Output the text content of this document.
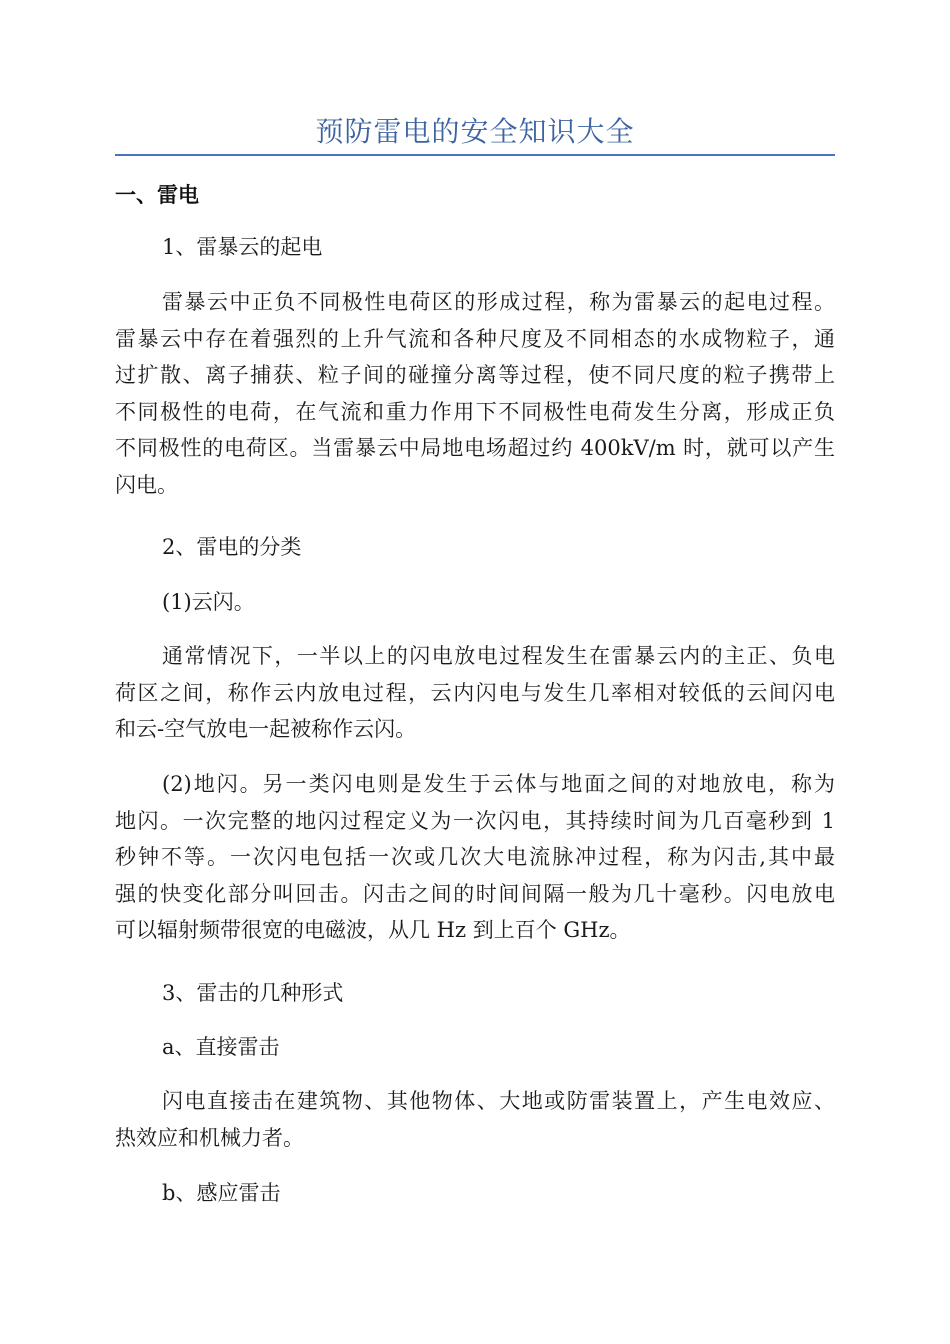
预防雷电的安全知识大全
一、雷电
1、雷暴云的起电
雷暴云中正负不同极性电荷区的形成过程，称为雷暴云的起电过程。
雷暴云中存在着强烈的上升气流和各种尺度及不同相态的水成物粒子，通
过扩散、离子捕获、粒子间的碰撞分离等过程，使不同尺度的粒子携带上
不同极性的电荷，在气流和重力作用下不同极性电荷发生分离，形成正负
不同极性的电荷区。当雷暴云中局地电场超过约 400kV/m 时，就可以产生
闪电。
2、雷电的分类
(1)云闪。
通常情况下，一半以上的闪电放电过程发生在雷暴云内的主正、负电
荷区之间，称作云内放电过程，云内闪电与发生几率相对较低的云间闪电
和云-空气放电一起被称作云闪。
(2)地闪。另一类闪电则是发生于云体与地面之间的对地放电，称为
地闪。一次完整的地闪过程定义为一次闪电，其持续时间为几百毫秒到 1
秒钟不等。一次闪电包括一次或几次大电流脉冲过程，称为闪击,其中最
强的快变化部分叫回击。闪击之间的时间间隔一般为几十毫秒。闪电放电
可以辐射频带很宽的电磁波，从几 Hz 到上百个 GHz。
3、雷击的几种形式
a、直接雷击
闪电直接击在建筑物、其他物体、大地或防雷装置上，产生电效应、
热效应和机械力者。
b、感应雷击
